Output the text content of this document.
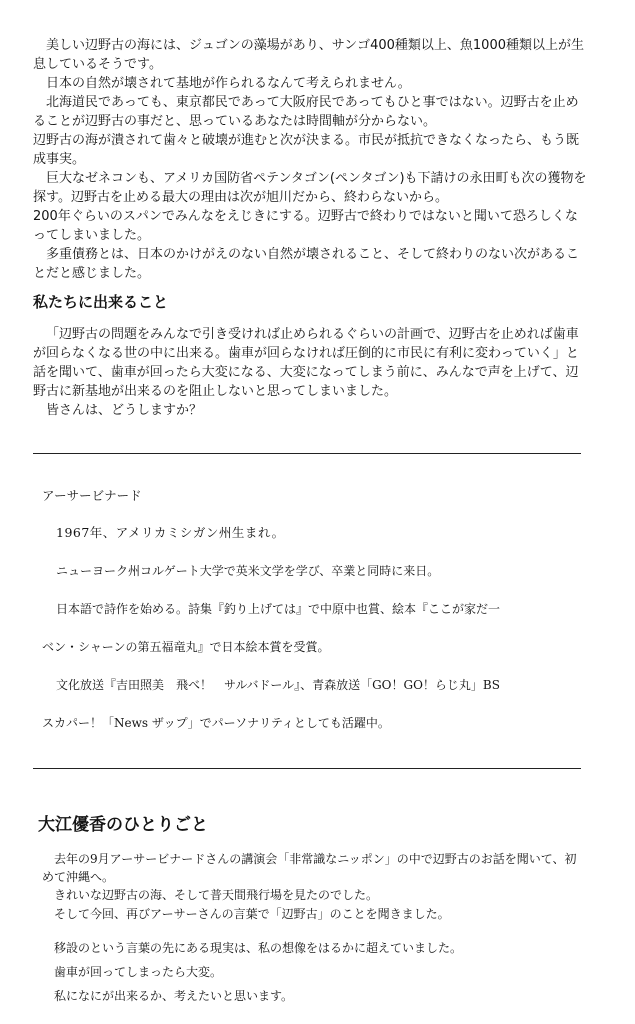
美しい辺野古の海には、ジュゴンの藻場があり、サンゴ400種類以上、魚1000種類以上が生息しているそうです。

日本の自然が壊されて基地が作られるなんて考えられません。

北海道民であっても、東京都民であって大阪府民であってもひと事ではない。辺野古を止めることが辺野古の事だと、思っているあなたは時間軸が分からない。

辺野古の海が潰されて歯々と破壊が進むと次が決まる。市民が抵抗できなくなったら、もう既成事実。

巨大なゼネコンも、アメリカ国防省ペテンタゴン(ペンタゴン)も下請けの永田町も次の獲物を探す。辺野古を止める最大の理由は次が旭川だから、終わらないから。

200年ぐらいのスパンでみんなをえじきにする。辺野古で終わりではないと聞いて恐ろしくなってしまいました。

多重債務とは、日本のかけがえのない自然が壊されること、そして終わりのない次があることだと感じました。

私たちに出来ること

「辺野古の問題をみんなで引き受ければ止められるぐらいの計画で、辺野古を止めれば歯車が回らなくなる世の中に出来る。歯車が回らなければ圧倒的に市民に有利に変わっていく」と話を聞いて、歯車が回ったら大変になる、大変になってしまう前に、みんなで声を上げて、辺野古に新基地が出来るのを阻止しないと思ってしまいました。

皆さんは、どうしますか？

アーサービナード

1967年、アメリカミシガン州生まれ。

ニューヨーク州コルゲート大学で英米文学を学び、卒業と同時に来日。

日本語で詩作を始める。詩集『釣り上げては』で中原中也賞、絵本『ここが家だ一

ベン・シャーンの第五福竜丸』で日本絵本賞を受賞。

文化放送『吉田照美　飛べ！　サルバドール』、青森放送「GO！GO！らじ丸」BS

スカパー！「News ザップ」でパーソナリティとしても活躍中。

大江優香のひとりごと

去年の9月アーサービナードさんの講演会「非常識なニッポン」の中で辺野古のお話を聞いて、初めて沖縄へ。

きれいな辺野古の海、そして普天間飛行場を見たのでした。

そして今回、再びアーサーさんの言葉で「辺野古」のことを聞きました。

移設のという言葉の先にある現実は、私の想像をはるかに超えていました。

歯車が回ってしまったら大変。

私になにが出来るか、考えたいと思います。
